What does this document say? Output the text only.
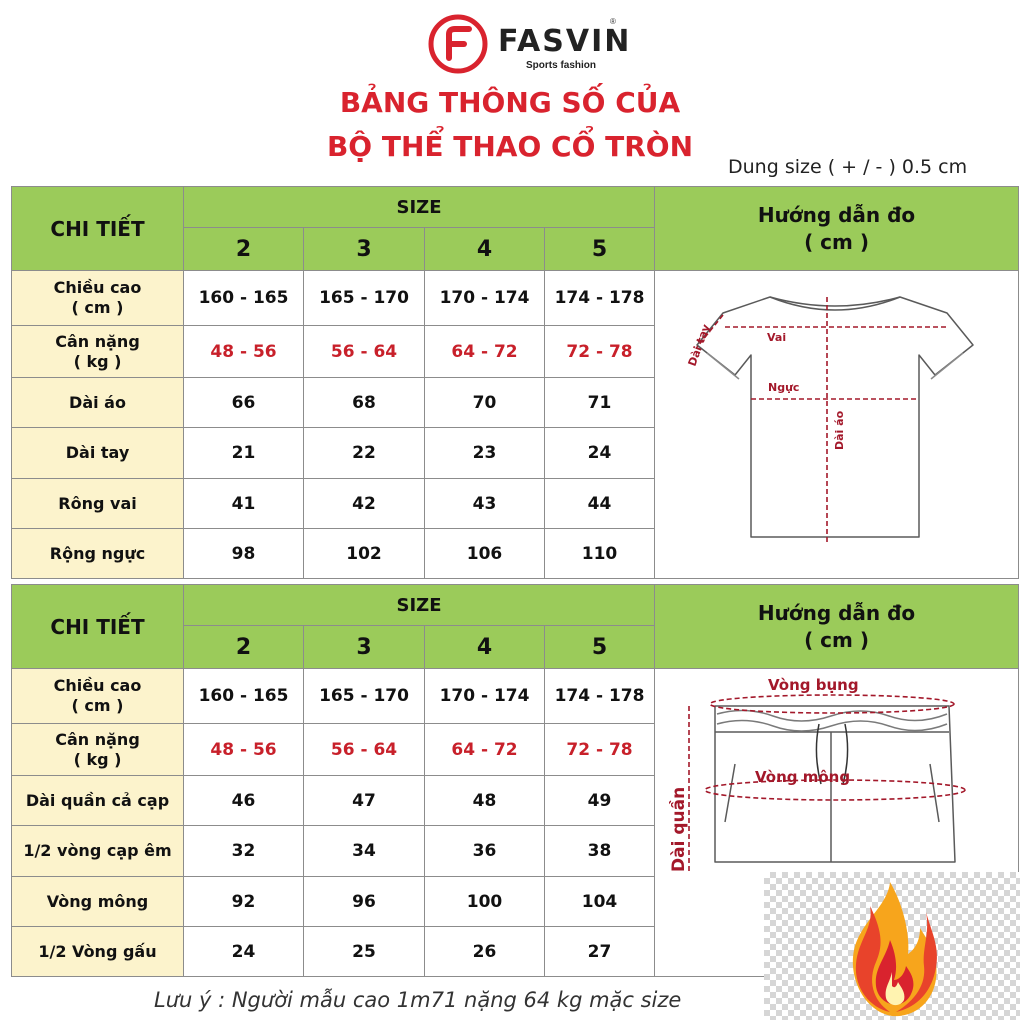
FASVIN
®
Sports fashion
BẢNG THÔNG SỐ CỦA
BỘ THỂ THAO CỔ TRÒN
Dung size ( + / - ) 0.5 cm
CHI TIẾT	SIZE				Hướng dẫn đo
( cm )
	2	3	4	5	
Chiều cao
( cm )	160 - 165	165 - 170	170 - 174	174 - 178	Vai
Ngực
Dài tay
Dài áo

Cân nặng
( kg )	48 - 56	56 - 64	64 - 72	72 - 78	
Dài áo	66	68	70	71	
Dài tay	21	22	23	24	
Rông vai	41	42	43	44	
Rộng ngực	98	102	106	110	
CHI TIẾT	SIZE				Hướng dẫn đo
( cm )
	2	3	4	5	
Chiều cao
( cm )	160 - 165	165 - 170	170 - 174	174 - 178	Vòng bụng
Vòng mông
Dài quần

Cân nặng
( kg )	48 - 56	56 - 64	64 - 72	72 - 78	
Dài quần cả cạp	46	47	48	49	
1/2 vòng cạp êm	32	34	36	38	
Vòng mông	92	96	100	104	
1/2 Vòng gấu	24	25	26	27	
Lưu ý : Người mẫu cao 1m71 nặng 64 kg mặc size
